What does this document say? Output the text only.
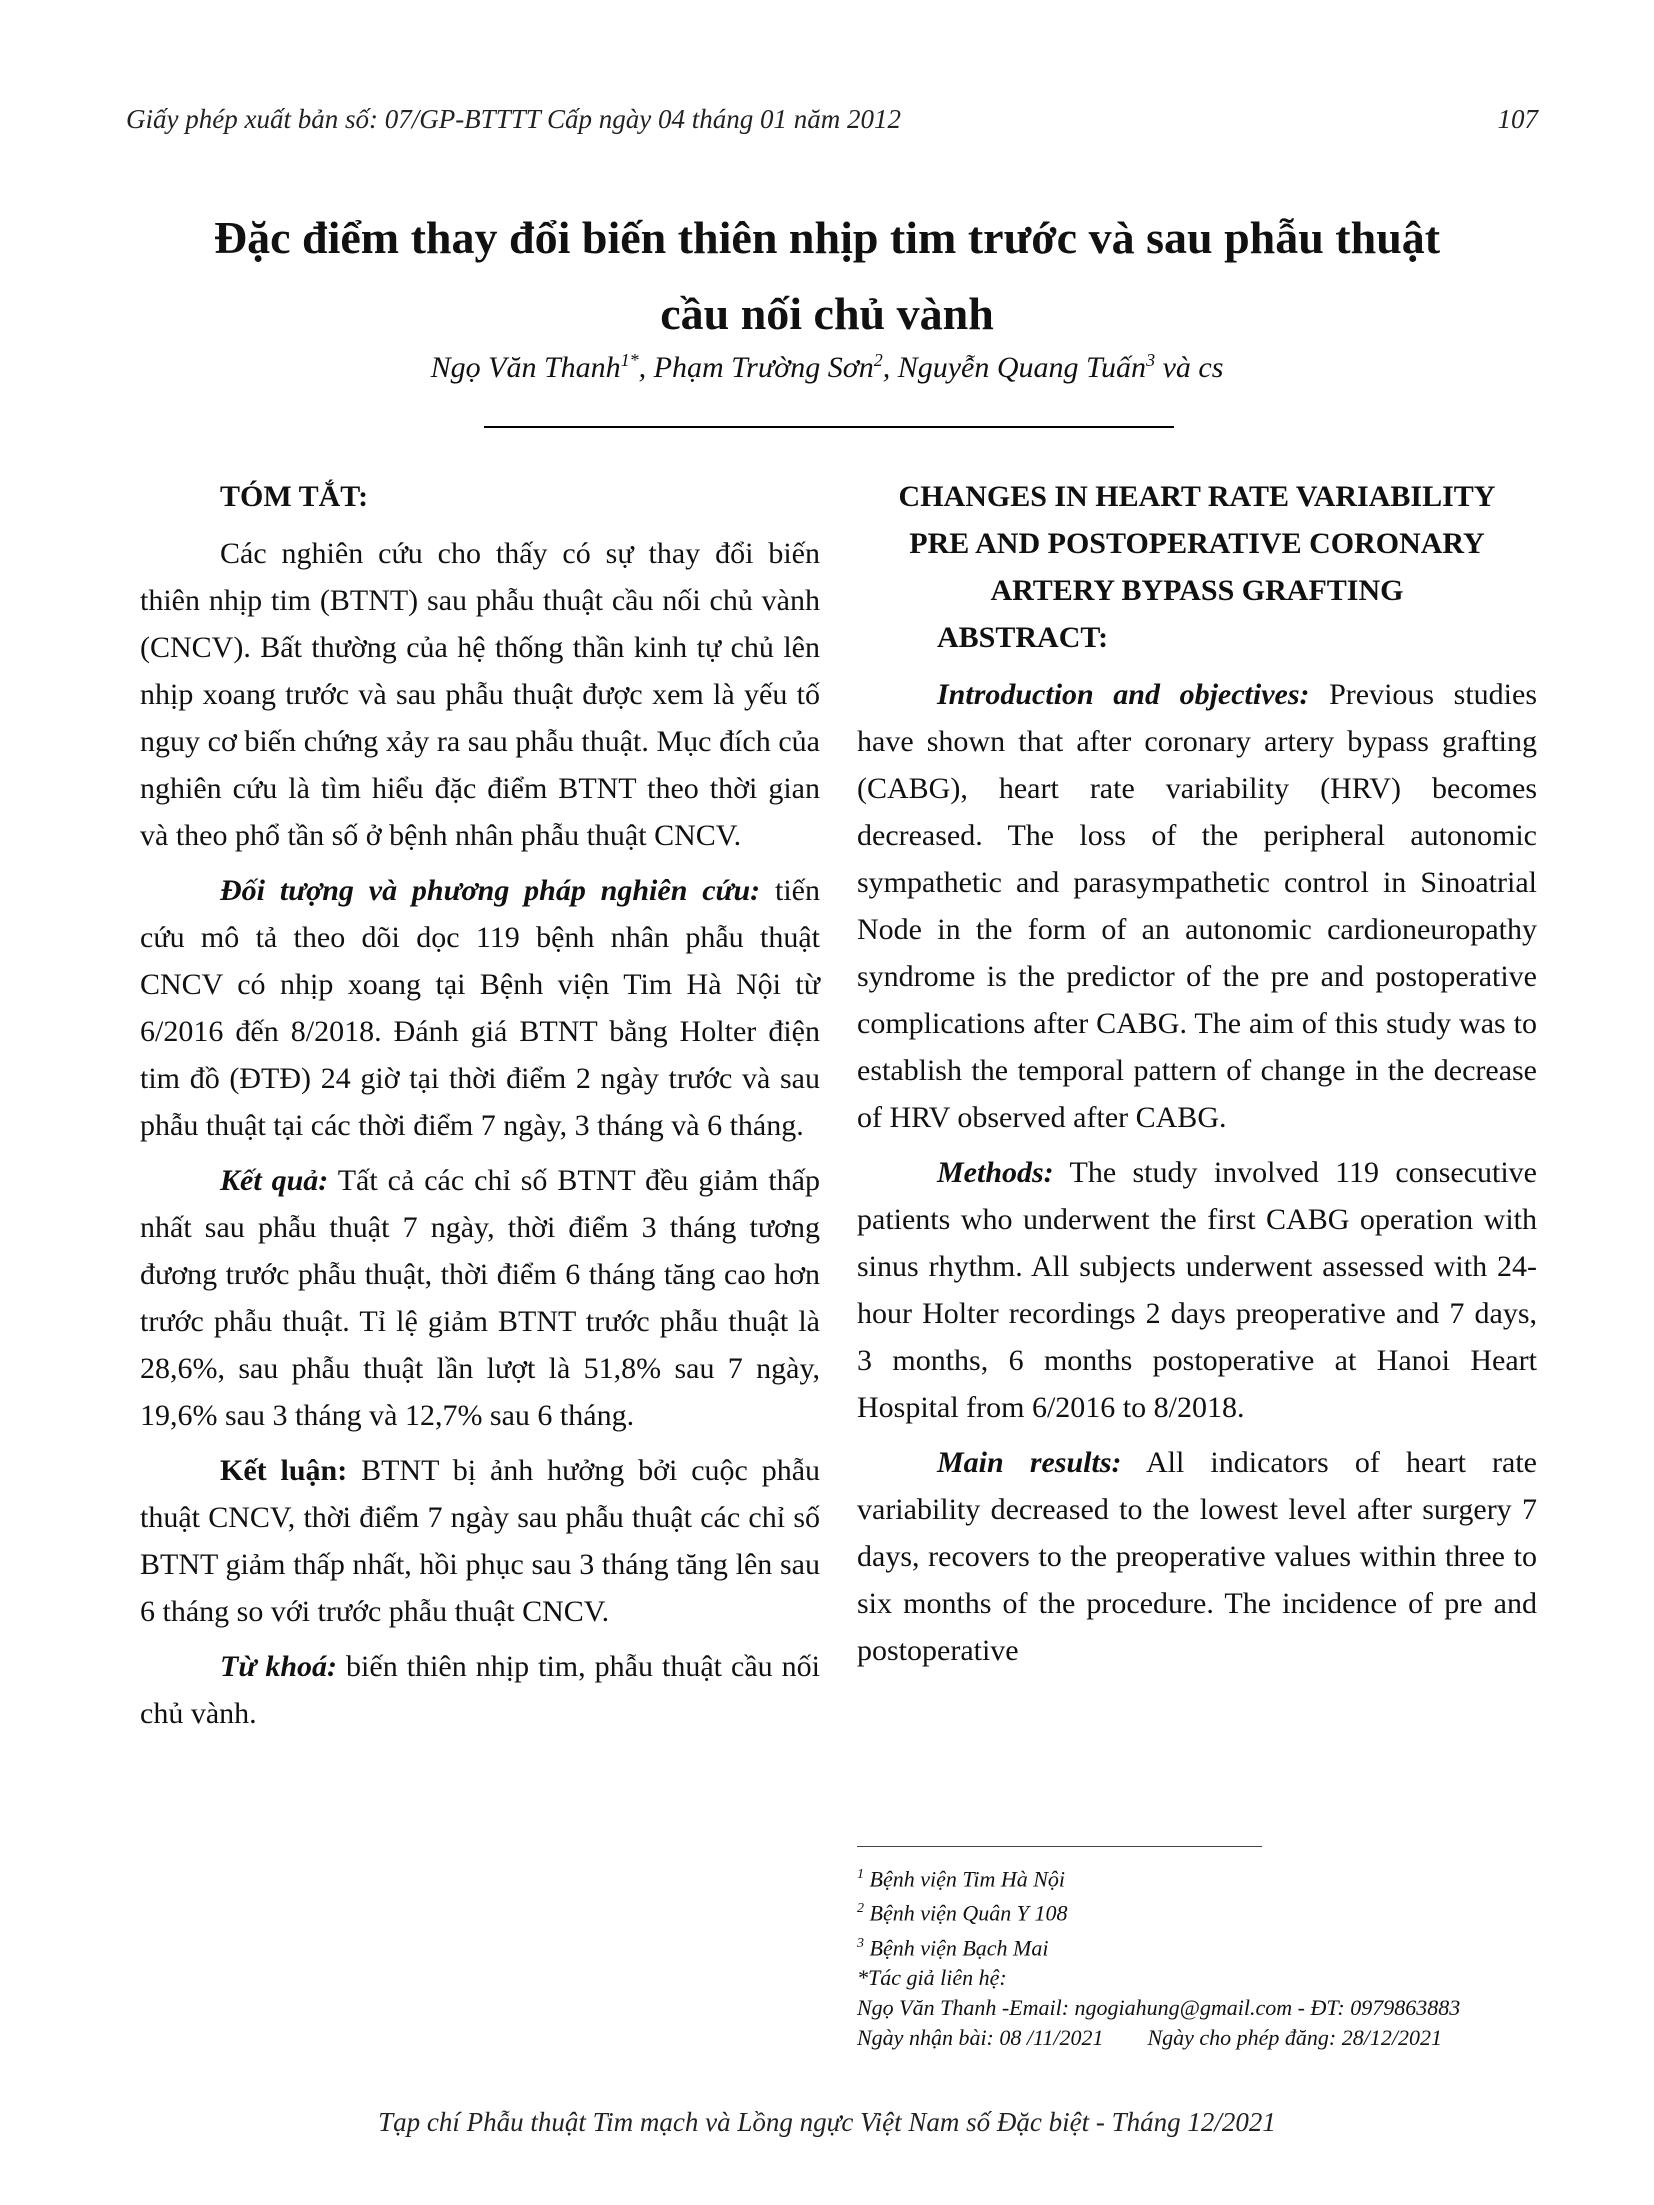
Giấy phép xuất bản số: 07/GP-BTTTT Cấp ngày 04 tháng 01 năm 2012	107
Đặc điểm thay đổi biến thiên nhịp tim trước và sau phẫu thuật
cầu nối chủ vành
Ngọ Văn Thanh$^{1*}$, Phạm Trường Sơn$^2$, Nguyễn Quang Tuấn$^3$ và cs
TÓM TẮT:

Các nghiên cứu cho thấy có sự thay đổi biến thiên nhịp tim (BTNT) sau phẫu thuật cầu nối chủ vành (CNCV). Bất thường của hệ thống thần kinh tự chủ lên nhịp xoang trước và sau phẫu thuật được xem là yếu tố nguy cơ biến chứng xảy ra sau phẫu thuật. Mục đích của nghiên cứu là tìm hiểu đặc điểm BTNT theo thời gian và theo phổ tần số ở bệnh nhân phẫu thuật CNCV.

Đối tượng và phương pháp nghiên cứu: tiến cứu mô tả theo dõi dọc 119 bệnh nhân phẫu thuật CNCV có nhịp xoang tại Bệnh viện Tim Hà Nội từ 6/2016 đến 8/2018. Đánh giá BTNT bằng Holter điện tim đồ (ĐTĐ) 24 giờ tại thời điểm 2 ngày trước và sau phẫu thuật tại các thời điểm 7 ngày, 3 tháng và 6 tháng.

Kết quả: Tất cả các chỉ số BTNT đều giảm thấp nhất sau phẫu thuật 7 ngày, thời điểm 3 tháng tương đương trước phẫu thuật, thời điểm 6 tháng tăng cao hơn trước phẫu thuật. Tỉ lệ giảm BTNT trước phẫu thuật là 28,6%, sau phẫu thuật lần lượt là 51,8% sau 7 ngày, 19,6% sau 3 tháng và 12,7% sau 6 tháng.

Kết luận: BTNT bị ảnh hưởng bởi cuộc phẫu thuật CNCV, thời điểm 7 ngày sau phẫu thuật các chỉ số BTNT giảm thấp nhất, hồi phục sau 3 tháng tăng lên sau 6 tháng so với trước phẫu thuật CNCV.

Từ khoá: biến thiên nhịp tim, phẫu thuật cầu nối chủ vành.

CHANGES IN HEART RATE VARIABILITY
PRE AND POSTOPERATIVE CORONARY
ARTERY BYPASS GRAFTING
ABSTRACT:

Introduction and objectives: Previous studies have shown that after coronary artery bypass grafting (CABG), heart rate variability (HRV) becomes decreased. The loss of the peripheral autonomic sympathetic and parasympathetic control in Sinoatrial Node in the form of an autonomic cardioneuropathy syndrome is the predictor of the pre and postoperative complications after CABG. The aim of this study was to establish the temporal pattern of change in the decrease of HRV observed after CABG.

Methods: The study involved 119 consecutive patients who underwent the first CABG operation with sinus rhythm. All subjects underwent assessed with 24-hour Holter recordings 2 days preoperative and 7 days, 3 months, 6 months postoperative at Hanoi Heart Hospital from 6/2016 to 8/2018.

Main results: All indicators of heart rate variability decreased to the lowest level after surgery 7 days, recovers to the preoperative values within three to six months of the procedure. The incidence of pre and postoperative

$^1$ Bệnh viện Tim Hà Nội
$^2$ Bệnh viện Quân Y 108
$^3$ Bệnh viện Bạch Mai
*Tác giả liên hệ:
Ngọ Văn Thanh -Email: ngogiahung@gmail.com - ĐT: 0979863883
Ngày nhận bài: 08 /11/2021 Ngày cho phép đăng: 28/12/2021
Tạp chí Phẫu thuật Tim mạch và Lồng ngực Việt Nam số Đặc biệt - Tháng 12/2021
